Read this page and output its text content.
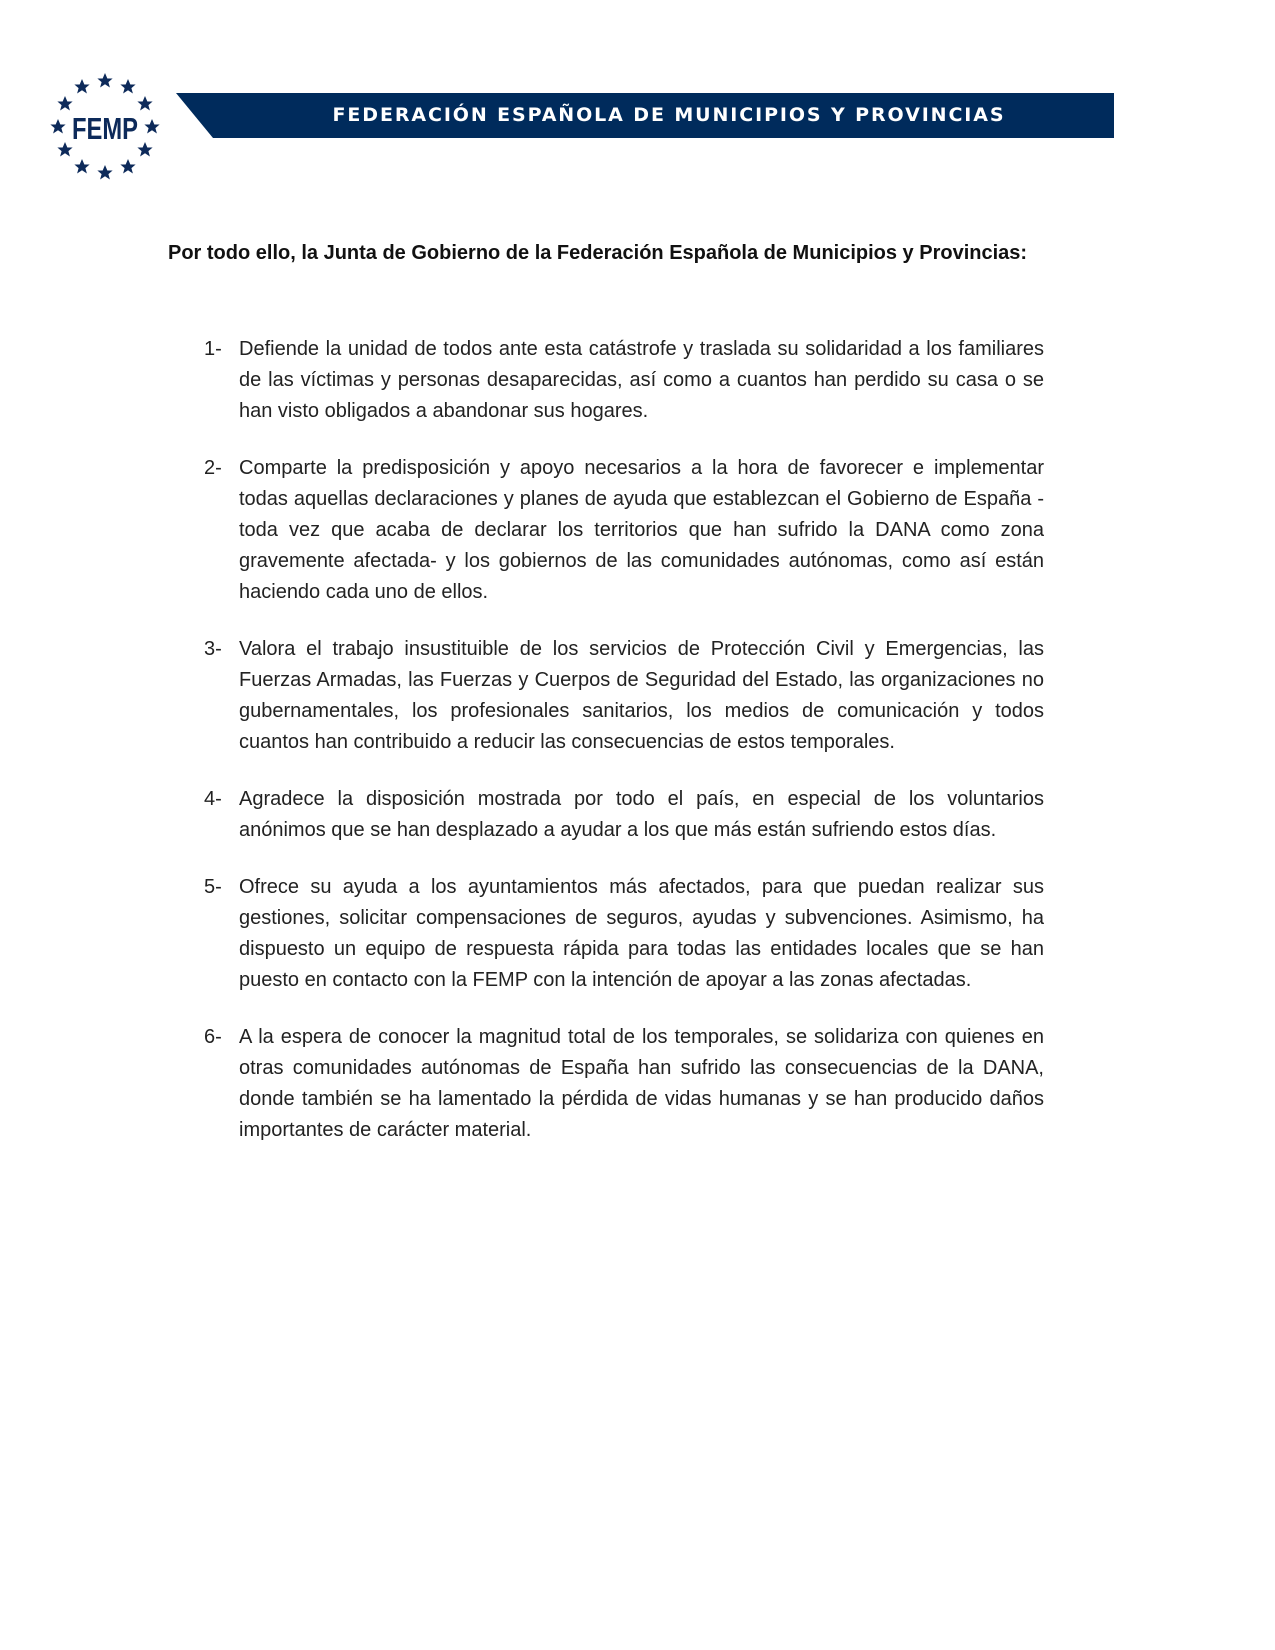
FEMP	FEDERACIÓN ESPAÑOLA DE MUNICIPIOS Y PROVINCIAS

Por todo ello, la Junta de Gobierno de la Federación Española de Municipios y Provincias:

1- Defiende la unidad de todos ante esta catástrofe y traslada su solidaridad a los familiares de las víctimas y personas desaparecidas, así como a cuantos han perdido su casa o se han visto obligados a abandonar sus hogares.
2- Comparte la predisposición y apoyo necesarios a la hora de favorecer e implementar todas aquellas declaraciones y planes de ayuda que establezcan el Gobierno de España -toda vez que acaba de declarar los territorios que han sufrido la DANA como zona gravemente afectada- y los gobiernos de las comunidades autónomas, como así están haciendo cada uno de ellos.
3- Valora el trabajo insustituible de los servicios de Protección Civil y Emergencias, las Fuerzas Armadas, las Fuerzas y Cuerpos de Seguridad del Estado, las organizaciones no gubernamentales, los profesionales sanitarios, los medios de comunicación y todos cuantos han contribuido a reducir las consecuencias de estos temporales.
4- Agradece la disposición mostrada por todo el país, en especial de los voluntarios anónimos que se han desplazado a ayudar a los que más están sufriendo estos días.
5- Ofrece su ayuda a los ayuntamientos más afectados, para que puedan realizar sus gestiones, solicitar compensaciones de seguros, ayudas y subvenciones. Asimismo, ha dispuesto un equipo de respuesta rápida para todas las entidades locales que se han puesto en contacto con la FEMP con la intención de apoyar a las zonas afectadas.
6- A la espera de conocer la magnitud total de los temporales, se solidariza con quienes en otras comunidades autónomas de España han sufrido las consecuencias de la DANA, donde también se ha lamentado la pérdida de vidas humanas y se han producido daños importantes de carácter material.
